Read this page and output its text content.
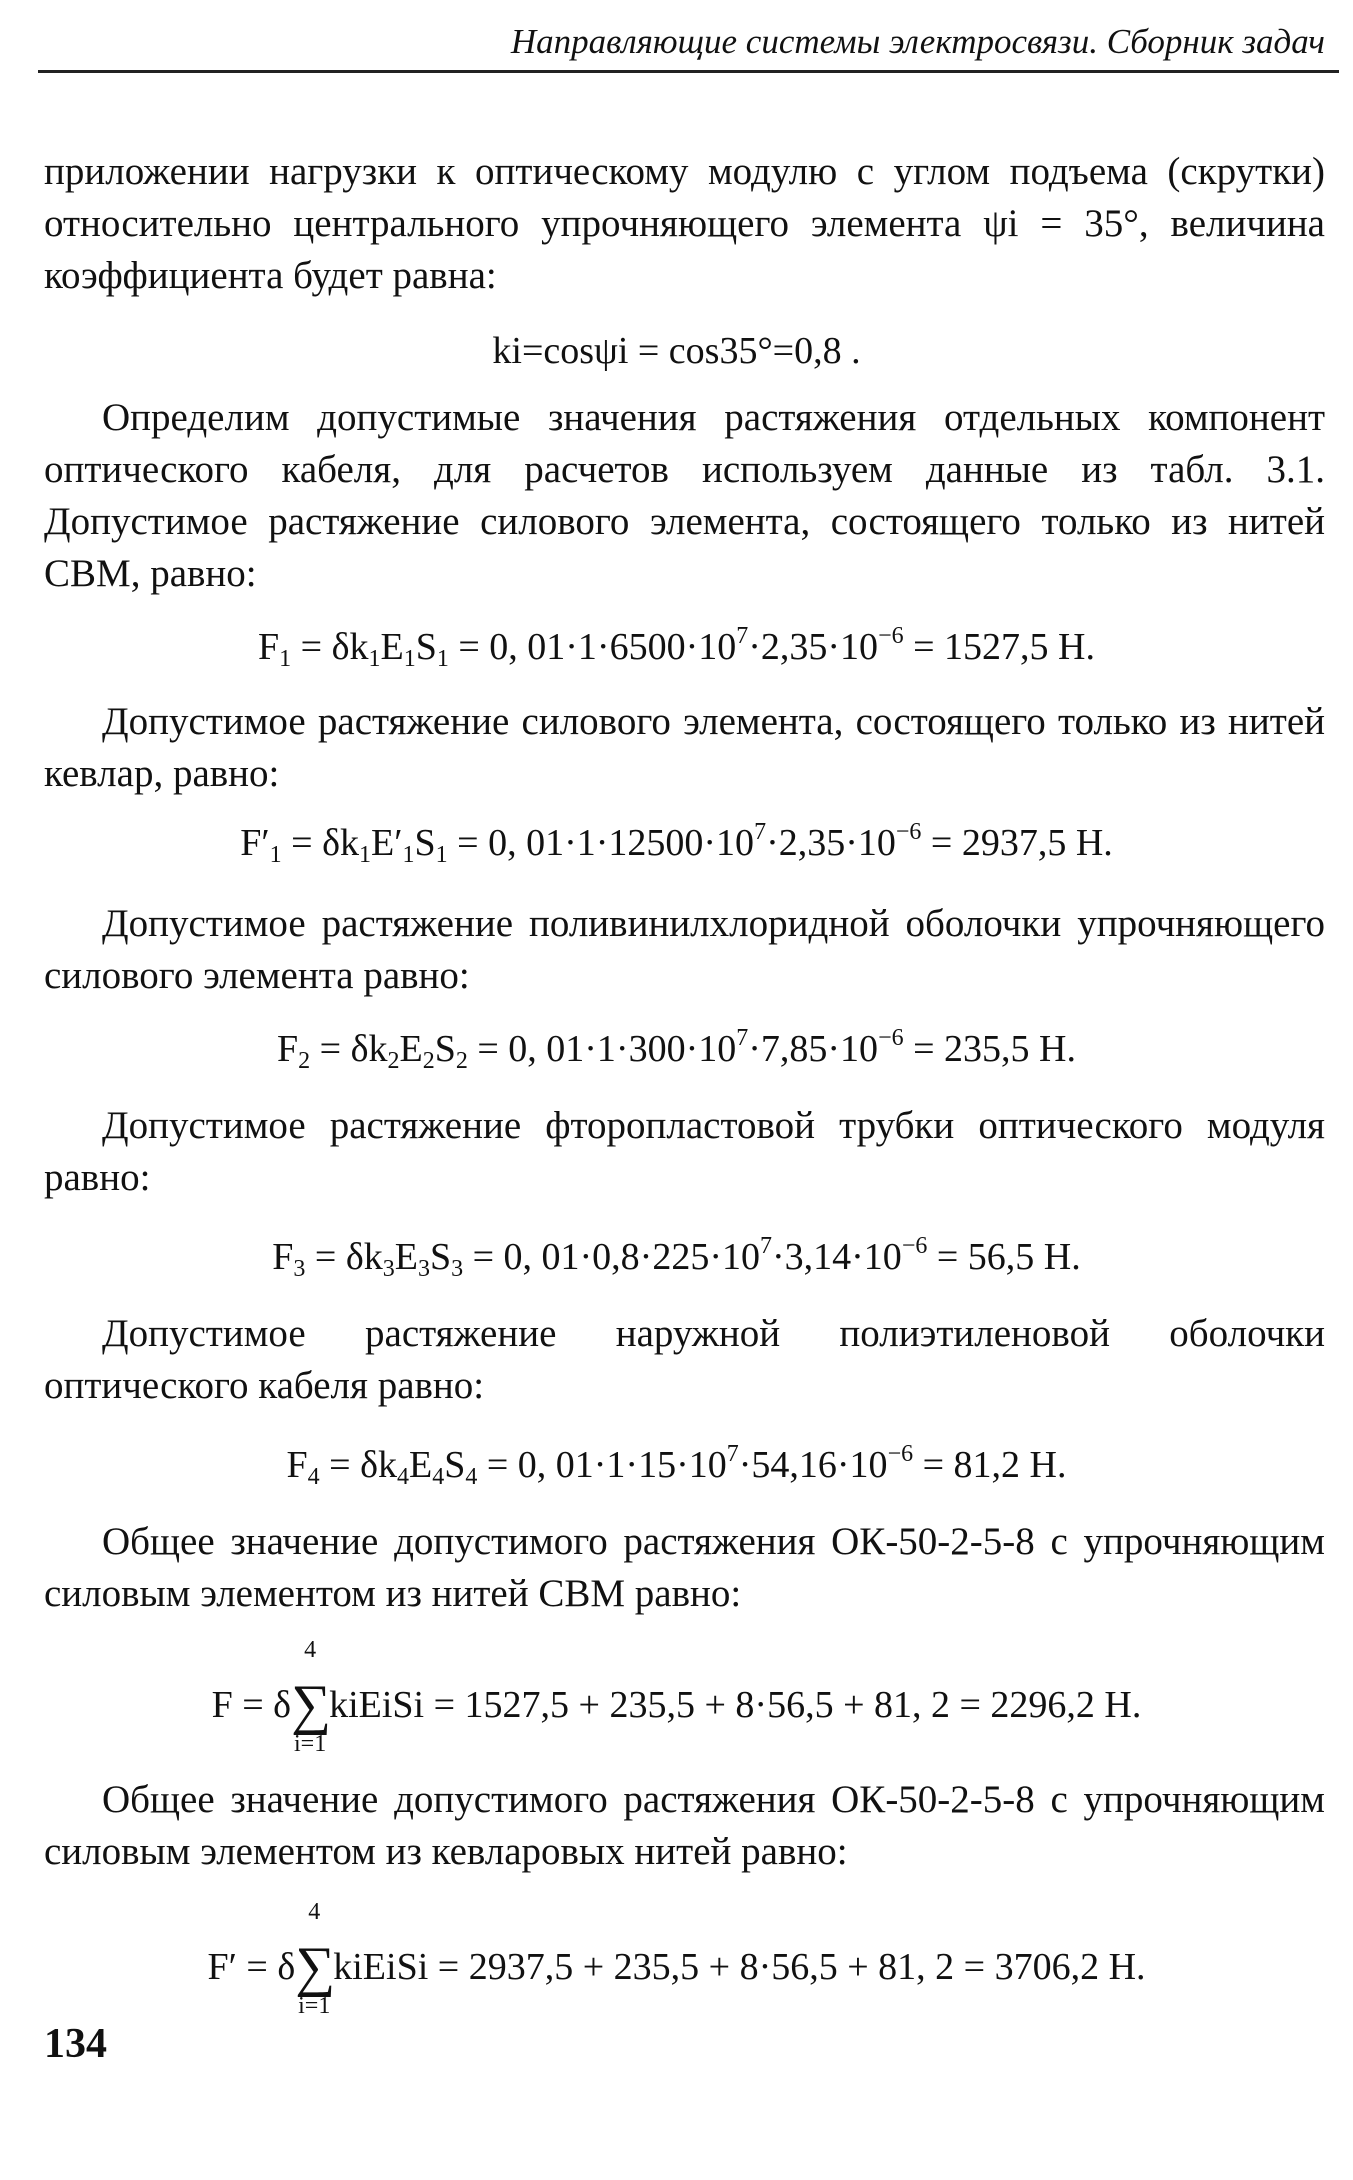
Направляющие системы электросвязи. Сборник задач
приложении нагрузки к оптическому модулю с углом подъема (скрутки) относительно центрального упрочняющего элемента ψi = 35°, величина коэффициента будет равна:
ki=cosψi = cos35°=0,8 .
Определим допустимые значения растяжения отдельных компонент оптического кабеля, для расчетов используем данные из табл. 3.1. Допустимое растяжение силового элемента, состоящего только из нитей СВМ, равно:
$F_1 = \delta k_1E_1S_1 = 0$, $01\cdot 1\cdot 6500\cdot 10^7\cdot 2,35\cdot 10^{-6} = 1527,5$ Н.
Допустимое растяжение силового элемента, состоящего только из нитей кевлар, равно:
$F'_1 = \delta k_1E'_1S_1 = 0$, $01\cdot 1\cdot 12500\cdot 10^7\cdot 2,35\cdot 10^{-6} = 2937,5$ Н.
Допустимое растяжение поливинилхлоридной оболочки упрочняющего силового элемента равно:
$F_2 = \delta k_2E_2S_2 = 0$, $01\cdot 1\cdot 300\cdot 10^7\cdot 7,85\cdot 10^{-6} = 235,5$ Н.
Допустимое растяжение фторопластовой трубки оптического модуля равно:
$F_3 = \delta k_3E_3S_3 = 0$, $01\cdot 0,8\cdot 225\cdot 10^7\cdot 3,14\cdot 10^{-6} = 56,5$ Н.
Допустимое растяжение наружной полиэтиленовой оболочки оптического кабеля равно:
$F_4 = \delta k_4E_4S_4 = 0$, $01\cdot 1\cdot 15\cdot 10^7\cdot 54,16\cdot 10^{-6} = 81,2$ Н.
Общее значение допустимого растяжения ОК-50-2-5-8 с упрочняющим силовым элементом из нитей СВМ равно:
F = δ
4
∑
i=1
kiEiSi = 1527,5 + 235,5 + 8·56,5 + 81, 2 = 2296,2 Н.
Общее значение допустимого растяжения ОК-50-2-5-8 с упрочняющим силовым элементом из кевларовых нитей равно:
F′ = δ
4
∑
i=1
kiEiSi = 2937,5 + 235,5 + 8·56,5 + 81, 2 = 3706,2 Н.
134
